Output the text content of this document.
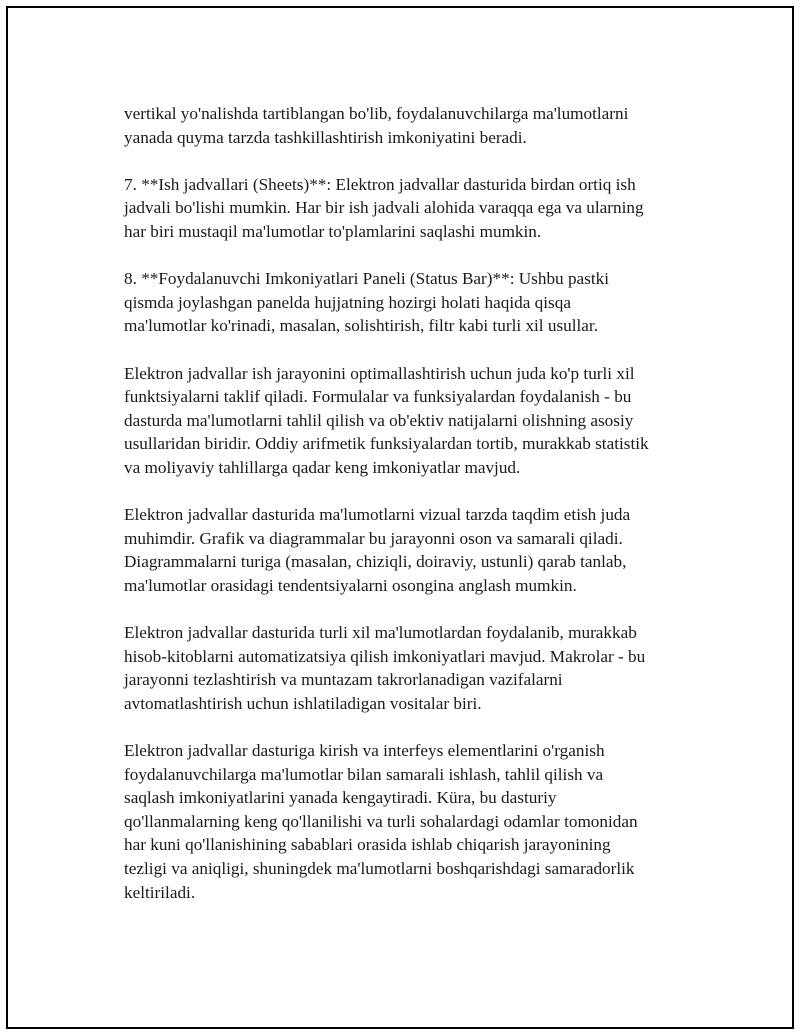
vertikal yo'nalishda tartiblangan bo'lib, foydalanuvchilarga ma'lumotlarni
yanada quyma tarzda tashkillashtirish imkoniyatini beradi.

7. **Ish jadvallari (Sheets)**: Elektron jadvallar dasturida birdan ortiq ish
jadvali bo'lishi mumkin. Har bir ish jadvali alohida varaqqa ega va ularning
har biri mustaqil ma'lumotlar to'plamlarini saqlashi mumkin.

8. **Foydalanuvchi Imkoniyatlari Paneli (Status Bar)**: Ushbu pastki
qismda joylashgan panelda hujjatning hozirgi holati haqida qisqa
ma'lumotlar ko'rinadi, masalan, solishtirish, filtr kabi turli xil usullar.

Elektron jadvallar ish jarayonini optimallashtirish uchun juda ko'p turli xil
funktsiyalarni taklif qiladi. Formulalar va funksiyalardan foydalanish - bu
dasturda ma'lumotlarni tahlil qilish va ob'ektiv natijalarni olishning asosiy
usullaridan biridir. Oddiy arifmetik funksiyalardan tortib, murakkab statistik
va moliyaviy tahlillarga qadar keng imkoniyatlar mavjud.

Elektron jadvallar dasturida ma'lumotlarni vizual tarzda taqdim etish juda
muhimdir. Grafik va diagrammalar bu jarayonni oson va samarali qiladi.
Diagrammalarni turiga (masalan, chiziqli, doiraviy, ustunli) qarab tanlab,
ma'lumotlar orasidagi tendentsiyalarni osongina anglash mumkin.

Elektron jadvallar dasturida turli xil ma'lumotlardan foydalanib, murakkab
hisob-kitoblarni automatizatsiya qilish imkoniyatlari mavjud. Makrolar - bu
jarayonni tezlashtirish va muntazam takrorlanadigan vazifalarni
avtomatlashtirish uchun ishlatiladigan vositalar biri.

Elektron jadvallar dasturiga kirish va interfeys elementlarini o'rganish
foydalanuvchilarga ma'lumotlar bilan samarali ishlash, tahlil qilish va
saqlash imkoniyatlarini yanada kengaytiradi. Küra, bu dasturiy
qo'llanmalarning keng qo'llanilishi va turli sohalardagi odamlar tomonidan
har kuni qo'llanishining sabablari orasida ishlab chiqarish jarayonining
tezligi va aniqligi, shuningdek ma'lumotlarni boshqarishdagi samaradorlik
keltiriladi.
